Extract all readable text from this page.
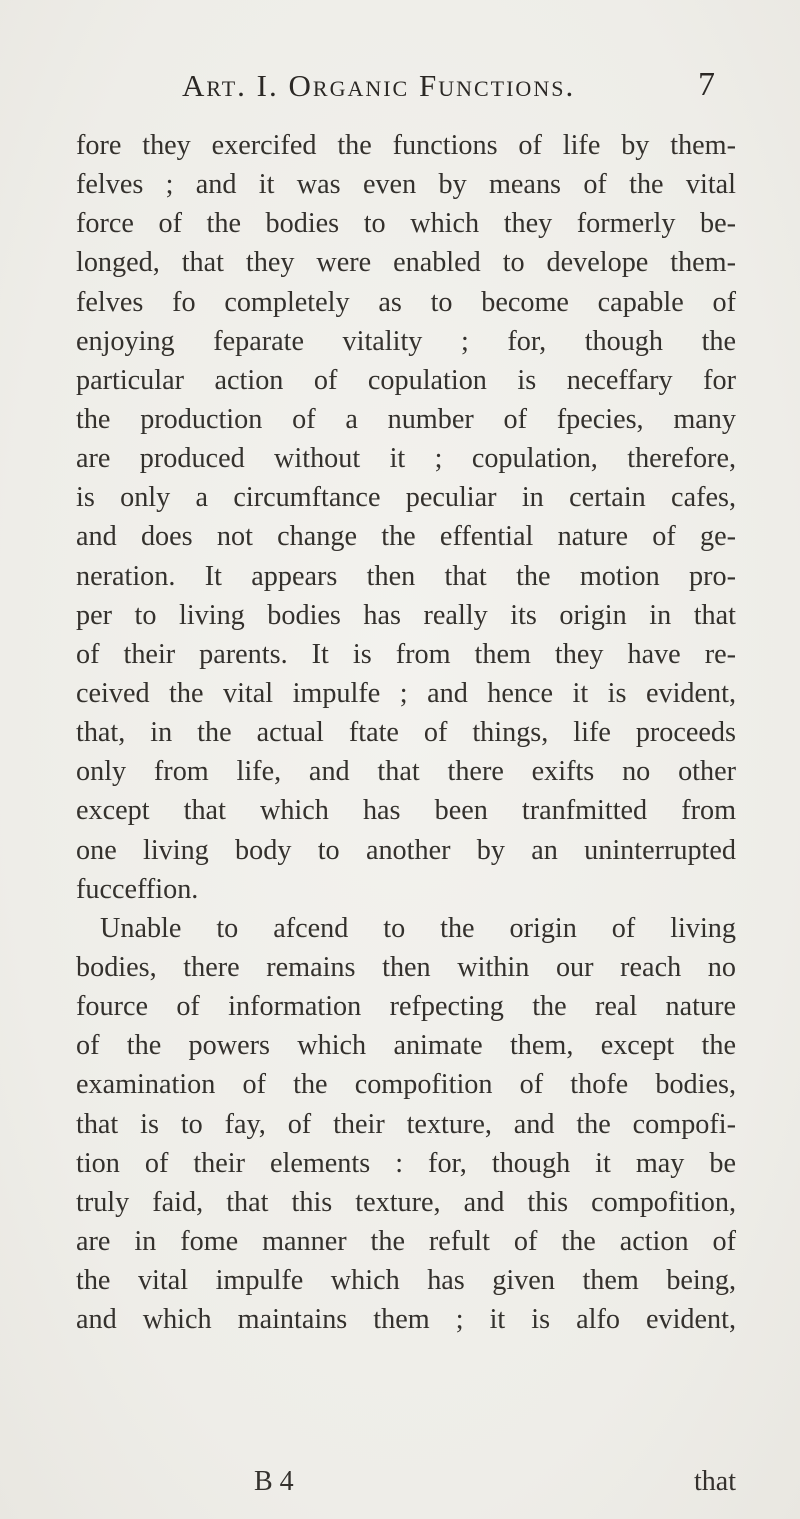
Art. I. Organic Functions.	7
fore they exercifed the functions of life by them-
felves ; and it was even by means of the vital
force of the bodies to which they formerly be-
longed, that they were enabled to develope them-
felves fo completely as to become capable of
enjoying feparate vitality ; for, though the
particular action of copulation is neceffary for
the production of a number of fpecies, many
are produced without it ; copulation, therefore,
is only a circumftance peculiar in certain cafes,
and does not change the effential nature of ge-
neration. It appears then that the motion pro-
per to living bodies has really its origin in that
of their parents. It is from them they have re-
ceived the vital impulfe ; and hence it is evident,
that, in the actual ftate of things, life proceeds
only from life, and that there exifts no other
except that which has been tranfmitted from
one living body to another by an uninterrupted
fucceffion.
Unable to afcend to the origin of living
bodies, there remains then within our reach no
fource of information refpecting the real nature
of the powers which animate them, except the
examination of the compofition of thofe bodies,
that is to fay, of their texture, and the compofi-
tion of their elements : for, though it may be
truly faid, that this texture, and this compofition,
are in fome manner the refult of the action of
the vital impulfe which has given them being,
and which maintains them ; it is alfo evident,
B 4	that
